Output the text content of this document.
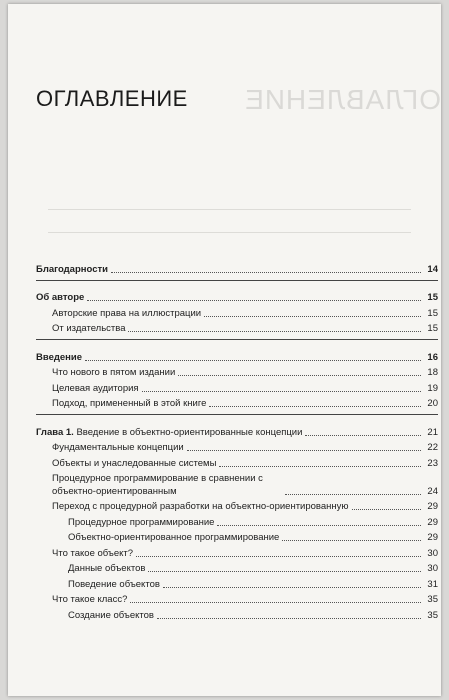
ОГЛАВЛЕНИЕ
ОГЛАВЛЕНИЕ
Благодарности	14
Об авторе	15
Авторские права на иллюстрации	15
От издательства	15
Введение	16
Что нового в пятом издании	18
Целевая аудитория	19
Подход, примененный в этой книге	20
Глава 1. Введение в объектно-ориентированные концепции	21
Фундаментальные концепции	22
Объекты и унаследованные системы	23
Процедурное программирование в сравнении с объектно-ориентированным	24
Переход с процедурной разработки на объектно-ориентированную	29
Процедурное программирование	29
Объектно-ориентированное программирование	29
Что такое объект?	30
Данные объектов	30
Поведение объектов	31
Что такое класс?	35
Создание объектов	35
